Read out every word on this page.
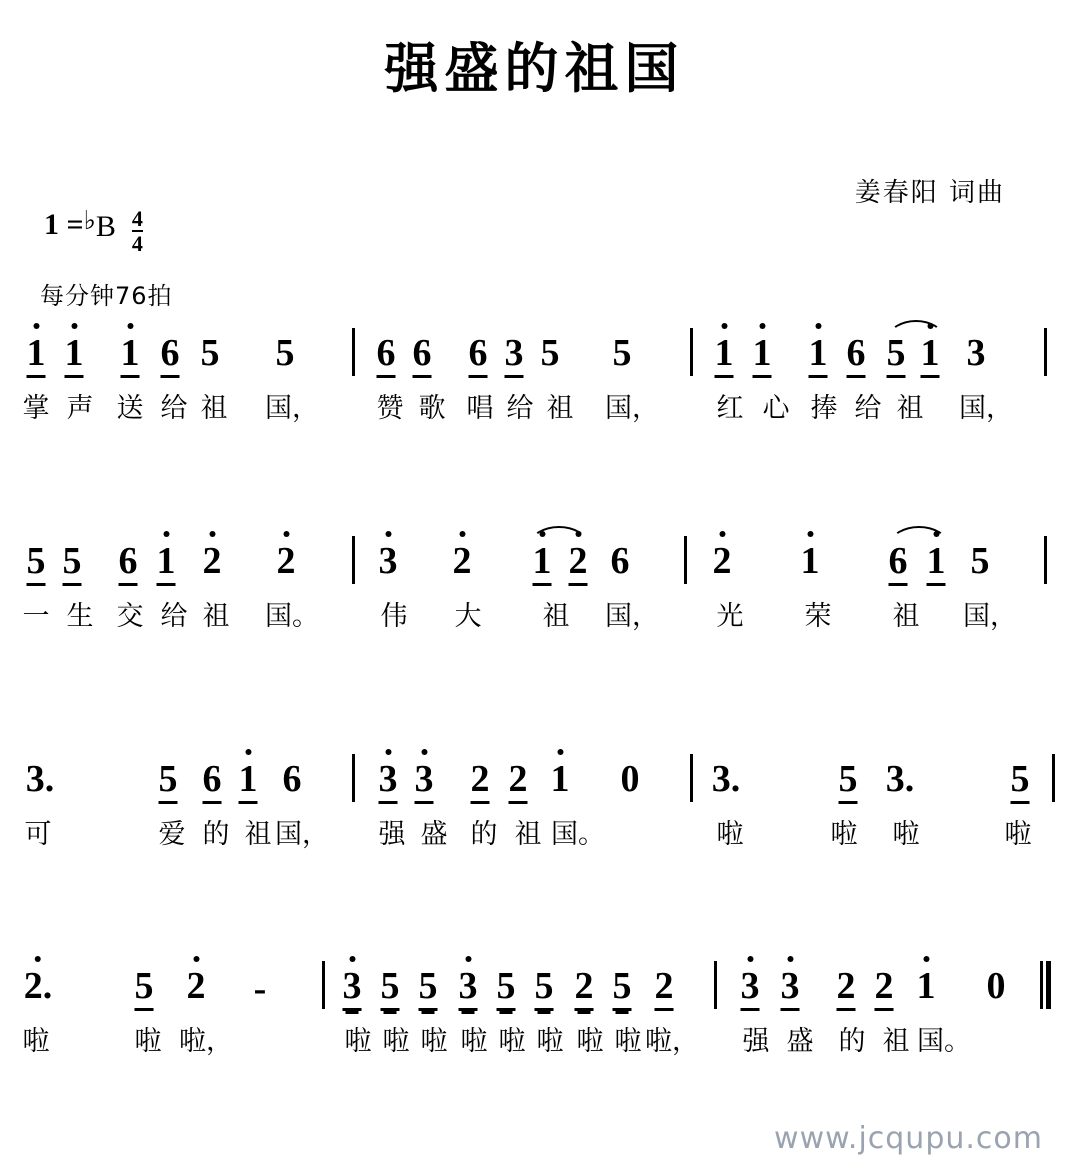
强盛的祖国
姜春阳 词曲
1 = ♭ B $\frac{4}{4}$
每分钟76拍
1 1 1 6 5 5 6 6 6 3 5 5 1 1 1 6 5 1 3
掌 声 送 给 祖 国， 赞 歌 唱 给 祖 国， 红 心 捧 给 祖 国，
5 5 6 1 2 2 3 2 1 2 6 2 1 6 1 5
一 生 交 给 祖 国。 伟 大 祖 国， 光 荣 祖 国，
3.	5 6 1 6 3 3 2 2 1 0 3.	5 3.	5
可	爱 的 祖 国， 强 盛 的 祖 国。	啦	啦 啦	啦
2. 5 2 - 3 5 5 3 5 5 2 5 2 3 3 2 2 1 0
啦	啦 啦，	啦 啦 啦 啦 啦 啦 啦 啦 啦， 强 盛 的 祖 国。
www.jcqupu.com
